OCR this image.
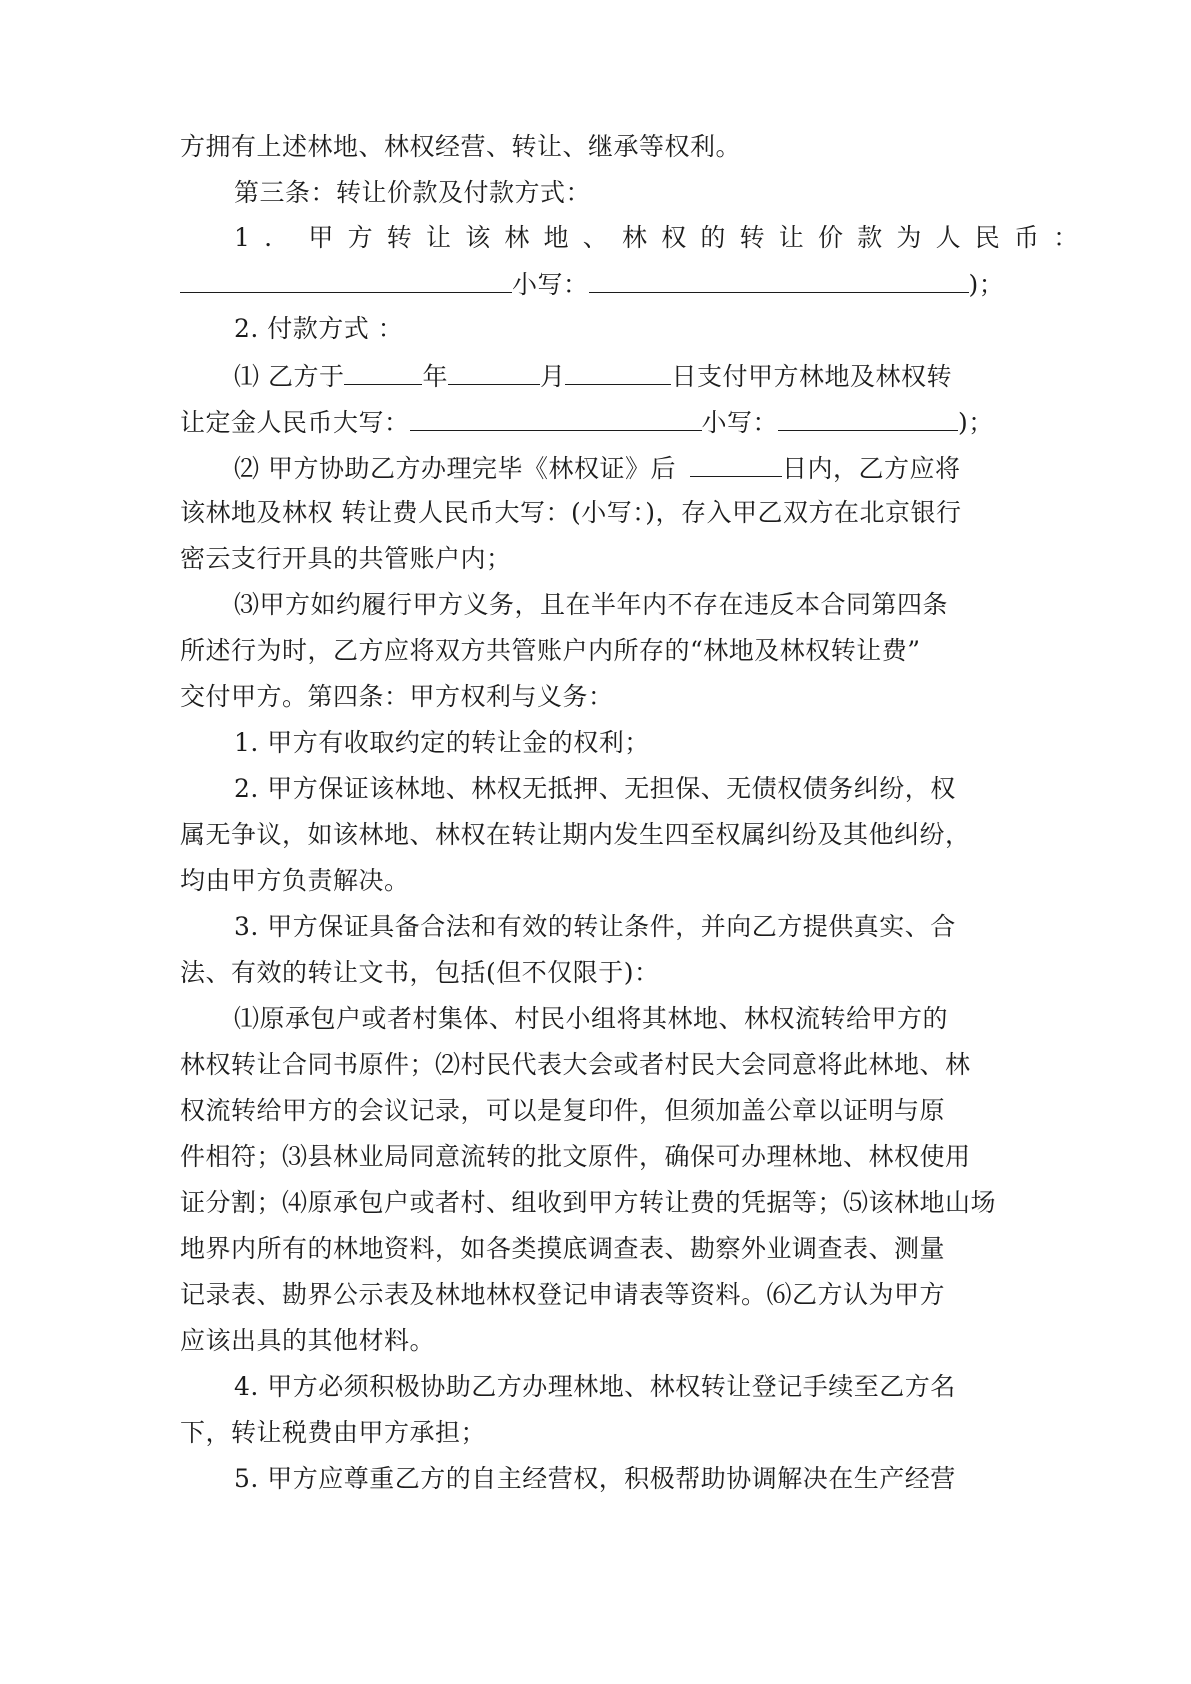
方拥有上述林地、林权经营、转让、继承等权利。
第三条：转让价款及付款方式：
1. 甲方转让该林地、林权的转让价款为人民币：
小写：	)；
2. 付款方式 ：
⑴ 乙方于	年	月	日支付甲方林地及林权转
让定金人民币大写：	小写：	)；
⑵ 甲方协助乙方办理完毕《林权证》后	日内，乙方应将
该林地及林权 转让费人民币大写：(小写：)，存入甲乙双方在北京银行
密云支行开具的共管账户内；
⑶甲方如约履行甲方义务，且在半年内不存在违反本合同第四条
所述行为时，乙方应将双方共管账户内所存的“林地及林权转让费”
交付甲方。第四条：甲方权利与义务：
1. 甲方有收取约定的转让金的权利；
2. 甲方保证该林地、林权无抵押、无担保、无债权债务纠纷，权
属无争议，如该林地、林权在转让期内发生四至权属纠纷及其他纠纷，
均由甲方负责解决。
3. 甲方保证具备合法和有效的转让条件，并向乙方提供真实、合
法、有效的转让文书，包括(但不仅限于)：
⑴原承包户或者村集体、村民小组将其林地、林权流转给甲方的
林权转让合同书原件；⑵村民代表大会或者村民大会同意将此林地、林
权流转给甲方的会议记录，可以是复印件，但须加盖公章以证明与原
件相符；⑶县林业局同意流转的批文原件，确保可办理林地、林权使用
证分割；⑷原承包户或者村、组收到甲方转让费的凭据等；⑸该林地山场
地界内所有的林地资料，如各类摸底调查表、勘察外业调查表、测量
记录表、勘界公示表及林地林权登记申请表等资料。⑹乙方认为甲方
应该出具的其他材料。
4. 甲方必须积极协助乙方办理林地、林权转让登记手续至乙方名
下，转让税费由甲方承担；
5. 甲方应尊重乙方的自主经营权，积极帮助协调解决在生产经营
